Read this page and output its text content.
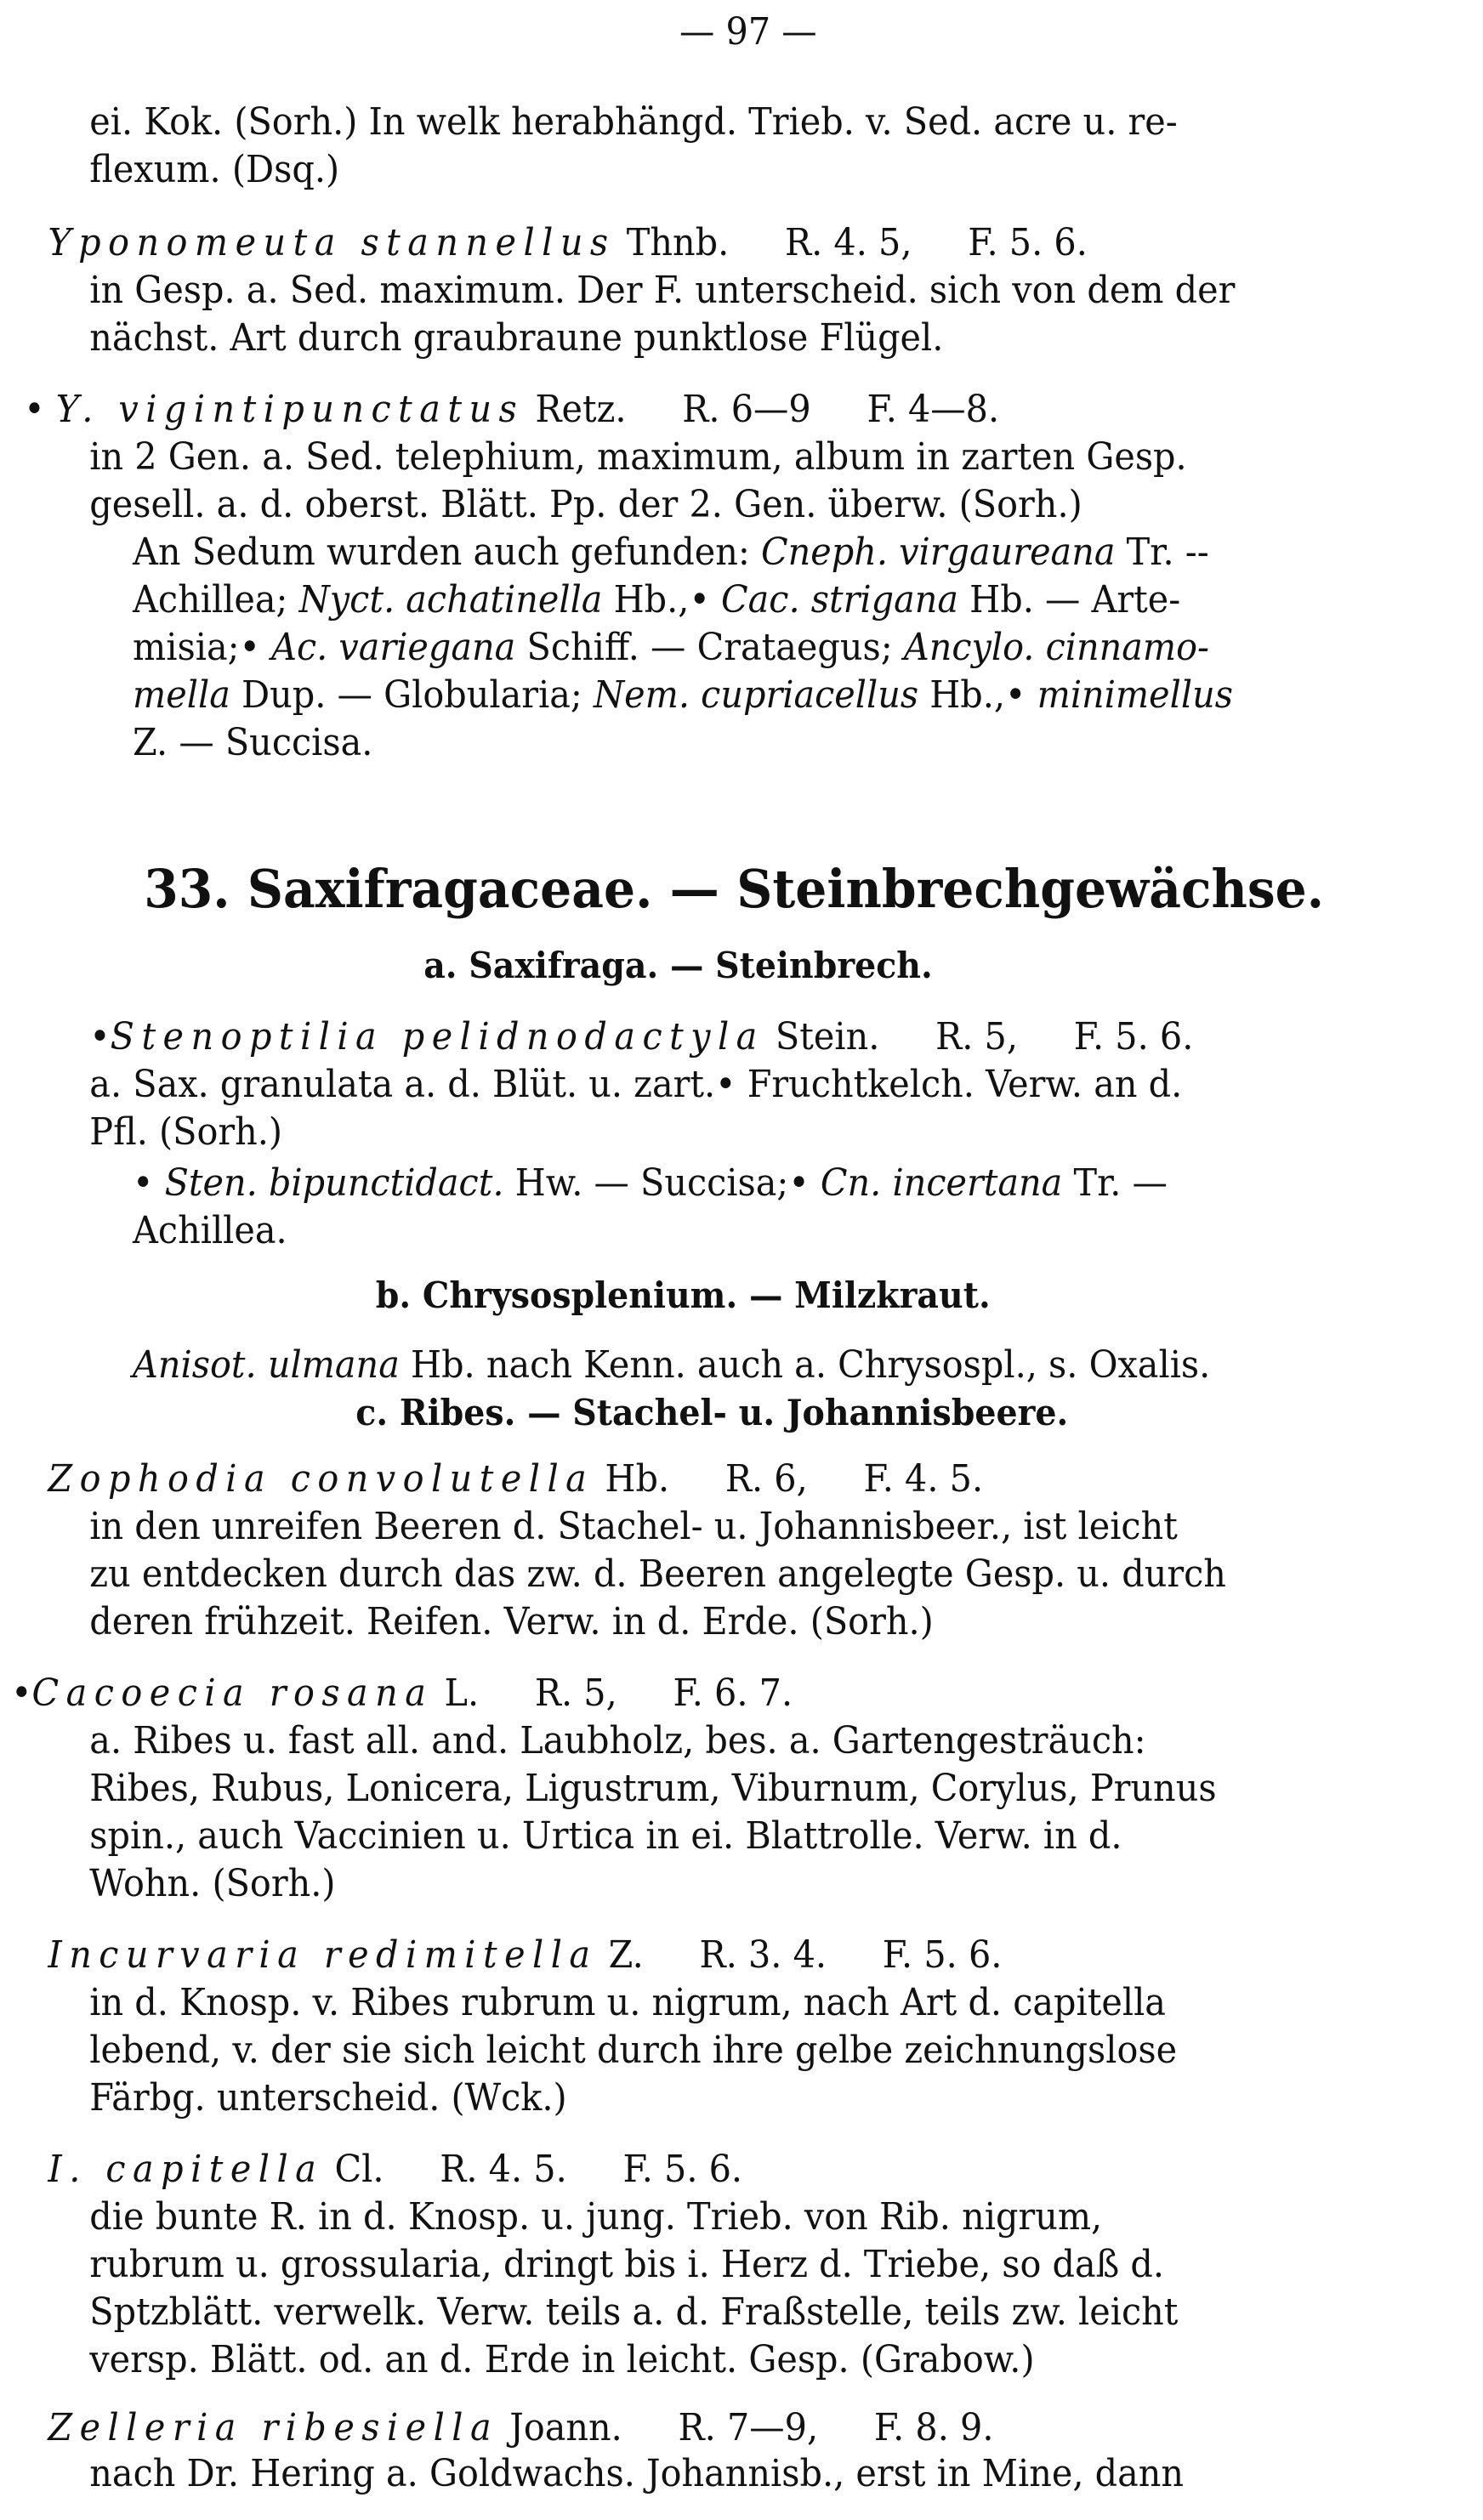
— 97 —
ei. Kok. (Sorh.) In welk herabhängd. Trieb. v. Sed. acre u. re-
flexum. (Dsq.)
Yponomeuta stannellus Thnb.     R. 4. 5,     F. 5. 6.
in Gesp. a. Sed. maximum. Der F. unterscheid. sich von dem der
nächst. Art durch graubraune punktlose Flügel.
• Y. vigintipunctatus Retz.     R. 6—9     F. 4—8.
in 2 Gen. a. Sed. telephium, maximum, album in zarten Gesp.
gesell. a. d. oberst. Blätt. Pp. der 2. Gen. überw. (Sorh.)
An Sedum wurden auch gefunden: Cneph. virgaureana Tr. --
Achillea; Nyct. achatinella Hb.,• Cac. strigana Hb. — Arte-
misia;• Ac. variegana Schiff. — Crataegus; Ancylo. cinnamo-
mella Dup. — Globularia; Nem. cupriacellus Hb.,• minimellus
Z. — Succisa.
•Stenoptilia pelidnodactyla Stein.     R. 5,     F. 5. 6.
a. Sax. granulata a. d. Blüt. u. zart.• Fruchtkelch. Verw. an d.
Pfl. (Sorh.)
• Sten. bipunctidact. Hw. — Succisa;• Cn. incertana Tr. —
Achillea.
Anisot. ulmana Hb. nach Kenn. auch a. Chrysospl., s. Oxalis.
Zophodia convolutella Hb.     R. 6,     F. 4. 5.
in den unreifen Beeren d. Stachel- u. Johannisbeer., ist leicht
zu entdecken durch das zw. d. Beeren angelegte Gesp. u. durch
deren frühzeit. Reifen. Verw. in d. Erde. (Sorh.)
•Cacoecia rosana L.     R. 5,     F. 6. 7.
a. Ribes u. fast all. and. Laubholz, bes. a. Gartengesträuch:
Ribes, Rubus, Lonicera, Ligustrum, Viburnum, Corylus, Prunus
spin., auch Vaccinien u. Urtica in ei. Blattrolle. Verw. in d.
Wohn. (Sorh.)
Incurvaria redimitella Z.     R. 3. 4.     F. 5. 6.
in d. Knosp. v. Ribes rubrum u. nigrum, nach Art d. capitella
lebend, v. der sie sich leicht durch ihre gelbe zeichnungslose
Färbg. unterscheid. (Wck.)
I. capitella Cl.     R. 4. 5.     F. 5. 6.
die bunte R. in d. Knosp. u. jung. Trieb. von Rib. nigrum,
rubrum u. grossularia, dringt bis i. Herz d. Triebe, so daß d.
Sptzblätt. verwelk. Verw. teils a. d. Fraßstelle, teils zw. leicht
versp. Blätt. od. an d. Erde in leicht. Gesp. (Grabow.)
Zelleria ribesiella Joann.     R. 7—9,     F. 8. 9.
nach Dr. Hering a. Goldwachs. Johannisb., erst in Mine, dann
33. Saxifragaceae. — Steinbrechgewächse.
a. Saxifraga. — Steinbrech.
b. Chrysosplenium. — Milzkraut.
c. Ribes. — Stachel- u. Johannisbeere.
